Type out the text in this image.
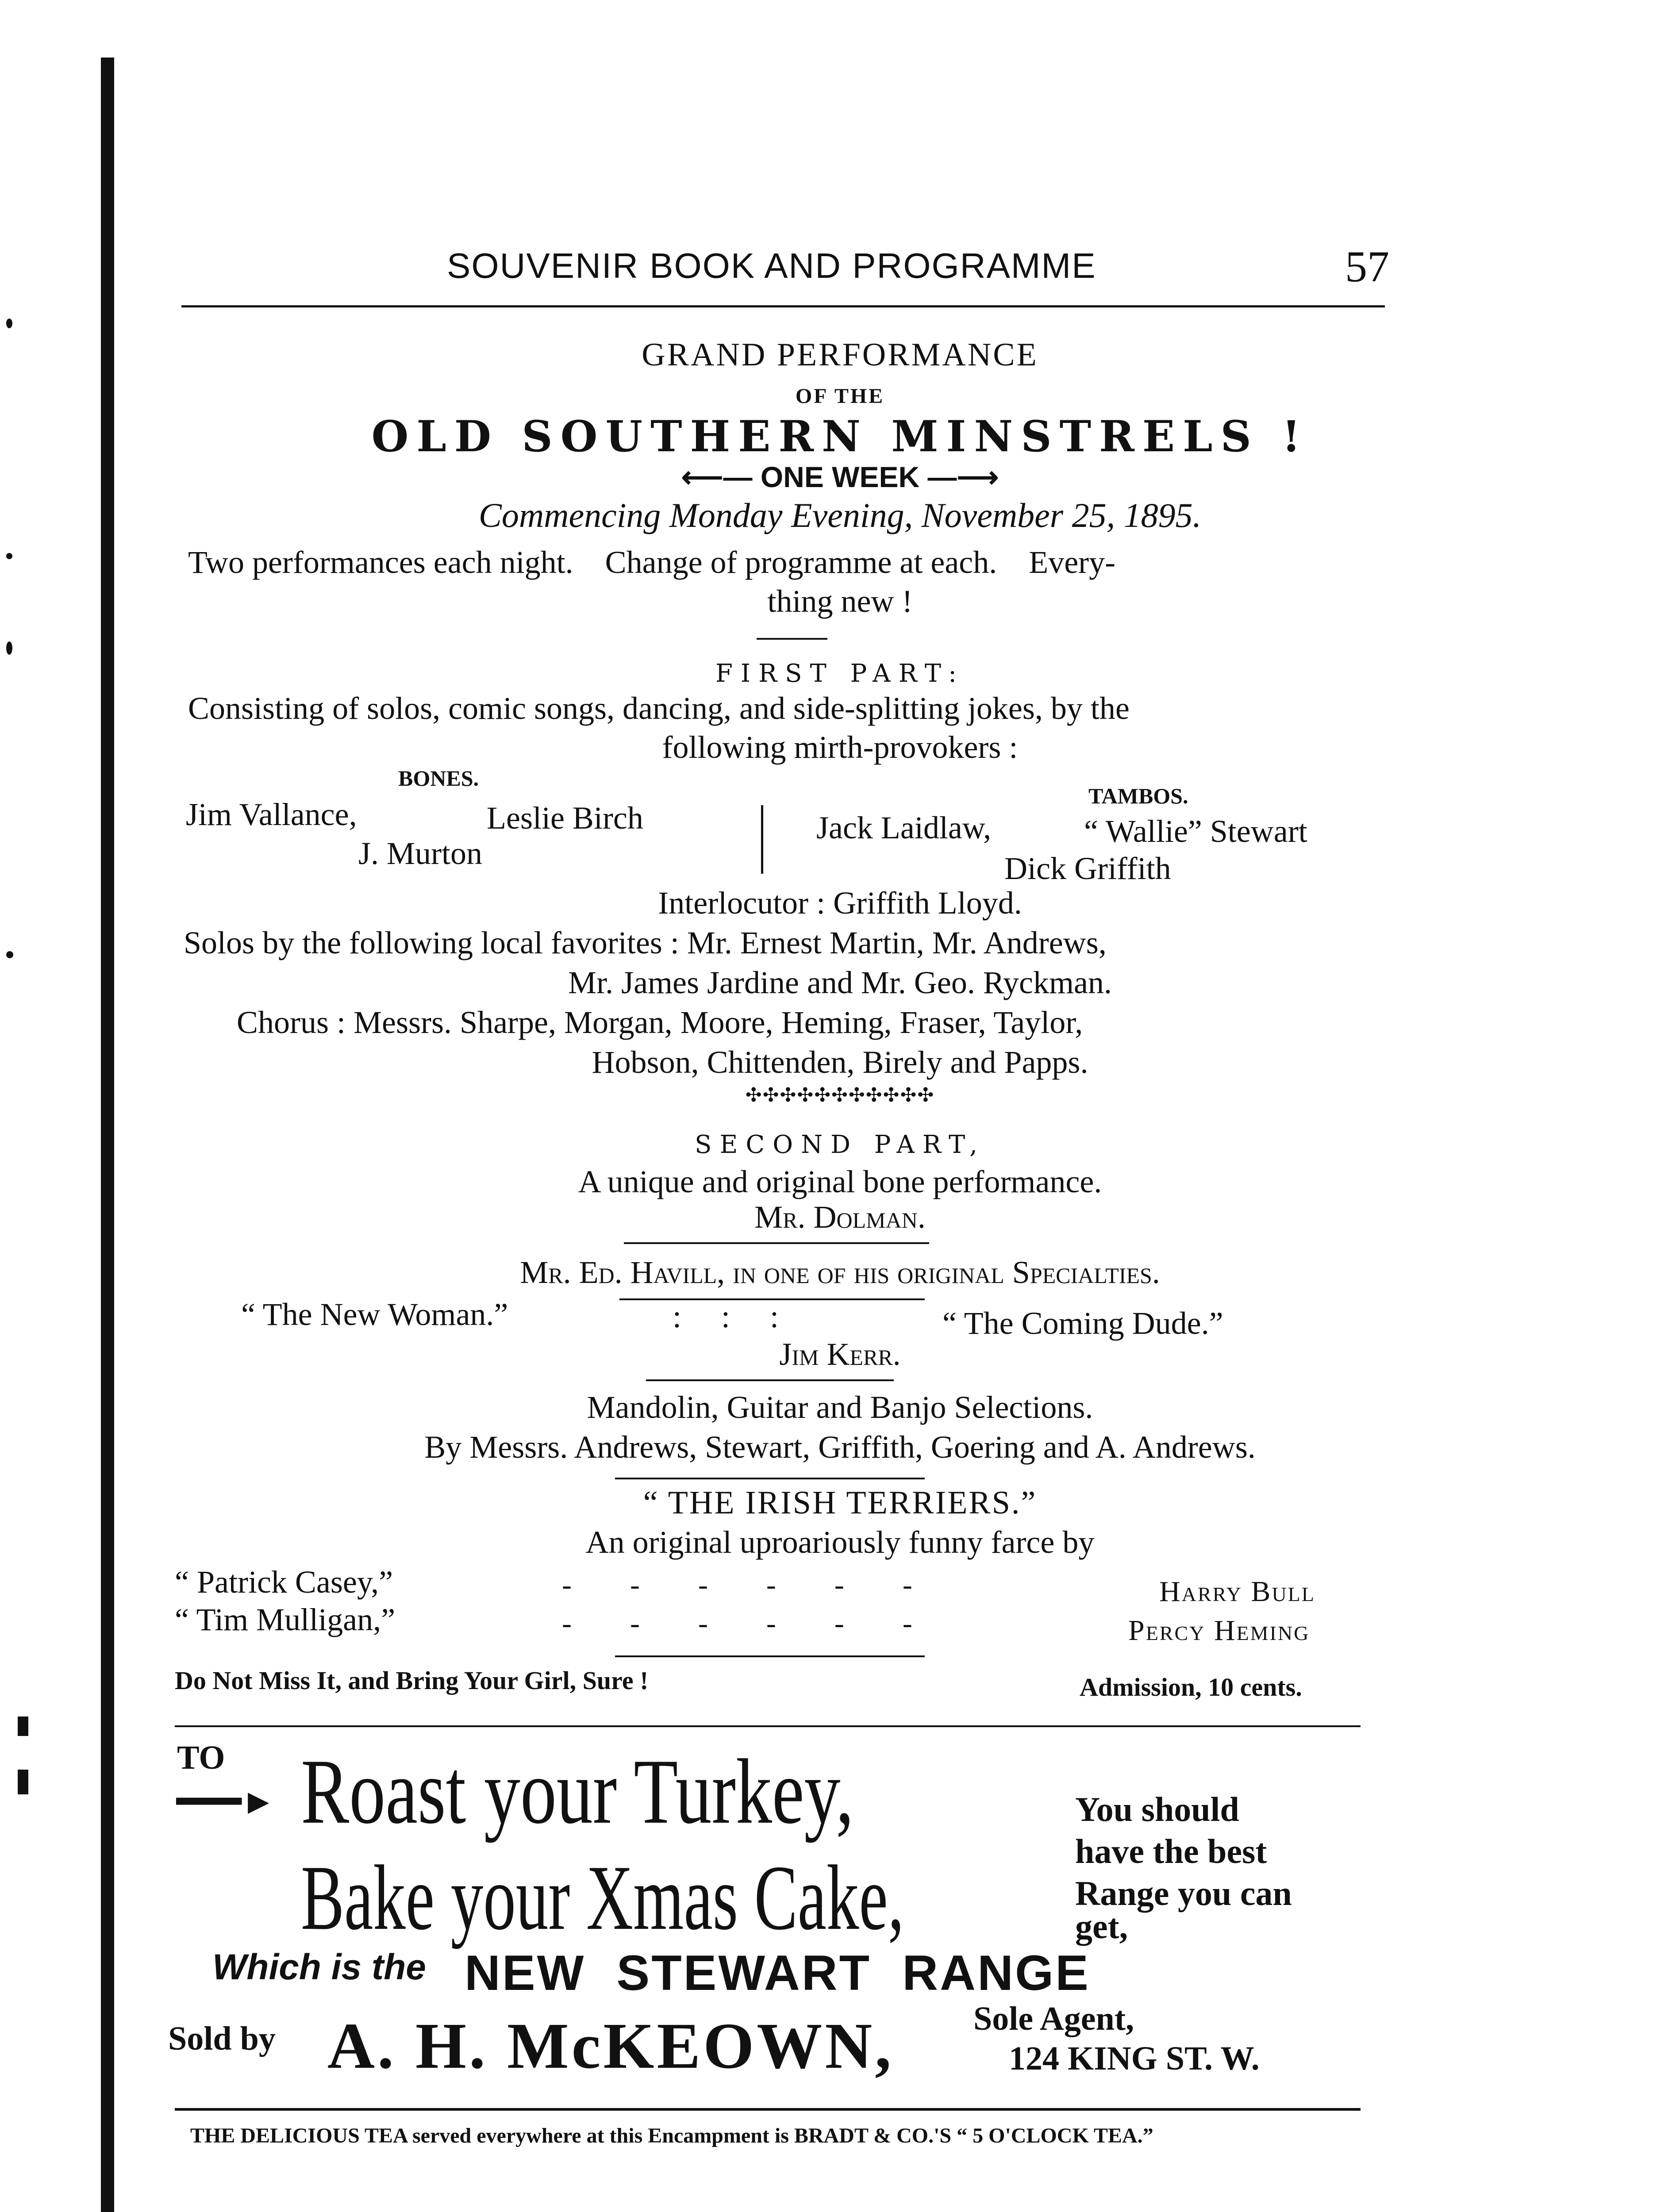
SOUVENIR BOOK AND PROGRAMME	57
GRAND PERFORMANCE
OF THE
OLD SOUTHERN MINSTRELS !
⟵— ONE WEEK —⟶
Commencing Monday Evening, November 25, 1895.
Two performances each night.    Change of programme at each.    Every-
thing new !
FIRST PART:
Consisting of solos, comic songs, dancing, and side-splitting jokes, by the
following mirth-provokers :
BONES.
TAMBOS.
Jim Vallance,	Leslie Birch
J. Murton
Jack Laidlaw,	“ Wallie” Stewart
Dick Griffith
Interlocutor : Griffith Lloyd.
Solos by the following local favorites : Mr. Ernest Martin, Mr. Andrews,
Mr. James Jardine and Mr. Geo. Ryckman.
Chorus : Messrs. Sharpe, Morgan, Moore, Heming, Fraser, Taylor,
Hobson, Chittenden, Birely and Papps.
✣✣✣✣✣✣✣✣✣✣✣
SECOND PART,
A unique and original bone performance.
Mr. Dolman.
Mr. Ed. Havill, in one of his original Specialties.
“ The New Woman.”	:     :     :	“ The Coming Dude.”
Jim Kerr.
Mandolin, Guitar and Banjo Selections.
By Messrs. Andrews, Stewart, Griffith, Goering and A. Andrews.
“ THE IRISH TERRIERS.”
An original uproariously funny farce by
“ Patrick Casey,”	-        -        -        -        -        -	Harry Bull
“ Tim Mulligan,”	-        -        -        -        -        -	Percy Heming
Do Not Miss It, and Bring Your Girl, Sure !	Admission, 10 cents.
TO
━━━► Roast your Turkey,
Bake your Xmas Cake,
You should
have the best
Range you can
get,
Which is the NEW  STEWART  RANGE
Sold by A. H. McKEOWN, Sole Agent,
124 KING ST. W.
THE DELICIOUS TEA served everywhere at this Encampment is BRADT & CO.'S “ 5 O'CLOCK TEA.”
